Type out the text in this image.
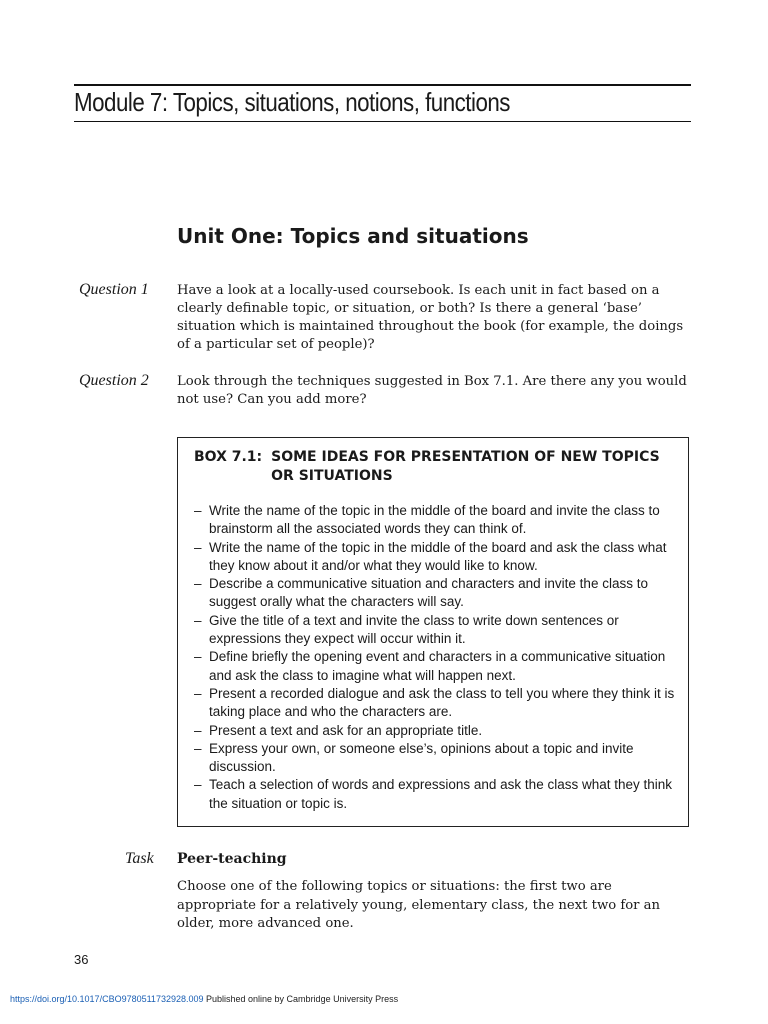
Module 7: Topics, situations, notions, functions
Unit One: Topics and situations
Question 1 Have a look at a locally-used coursebook. Is each unit in fact based on a clearly definable topic, or situation, or both? Is there a general ‘base’ situation which is maintained throughout the book (for example, the doings of a particular set of people)?
Question 2 Look through the techniques suggested in Box 7.1. Are there any you would not use? Can you add more?
BOX 7.1: SOME IDEAS FOR PRESENTATION OF NEW TOPICS OR SITUATIONS
– Write the name of the topic in the middle of the board and invite the class to brainstorm all the associated words they can think of.
– Write the name of the topic in the middle of the board and ask the class what they know about it and/or what they would like to know.
– Describe a communicative situation and characters and invite the class to suggest orally what the characters will say.
– Give the title of a text and invite the class to write down sentences or expressions they expect will occur within it.
– Define briefly the opening event and characters in a communicative situation and ask the class to imagine what will happen next.
– Present a recorded dialogue and ask the class to tell you where they think it is taking place and who the characters are.
– Present a text and ask for an appropriate title.
– Express your own, or someone else’s, opinions about a topic and invite discussion.
– Teach a selection of words and expressions and ask the class what they think the situation or topic is.
Task Peer-teaching
Choose one of the following topics or situations: the first two are appropriate for a relatively young, elementary class, the next two for an older, more advanced one.
36
https://doi.org/10.1017/CBO9780511732928.009 Published online by Cambridge University Press
